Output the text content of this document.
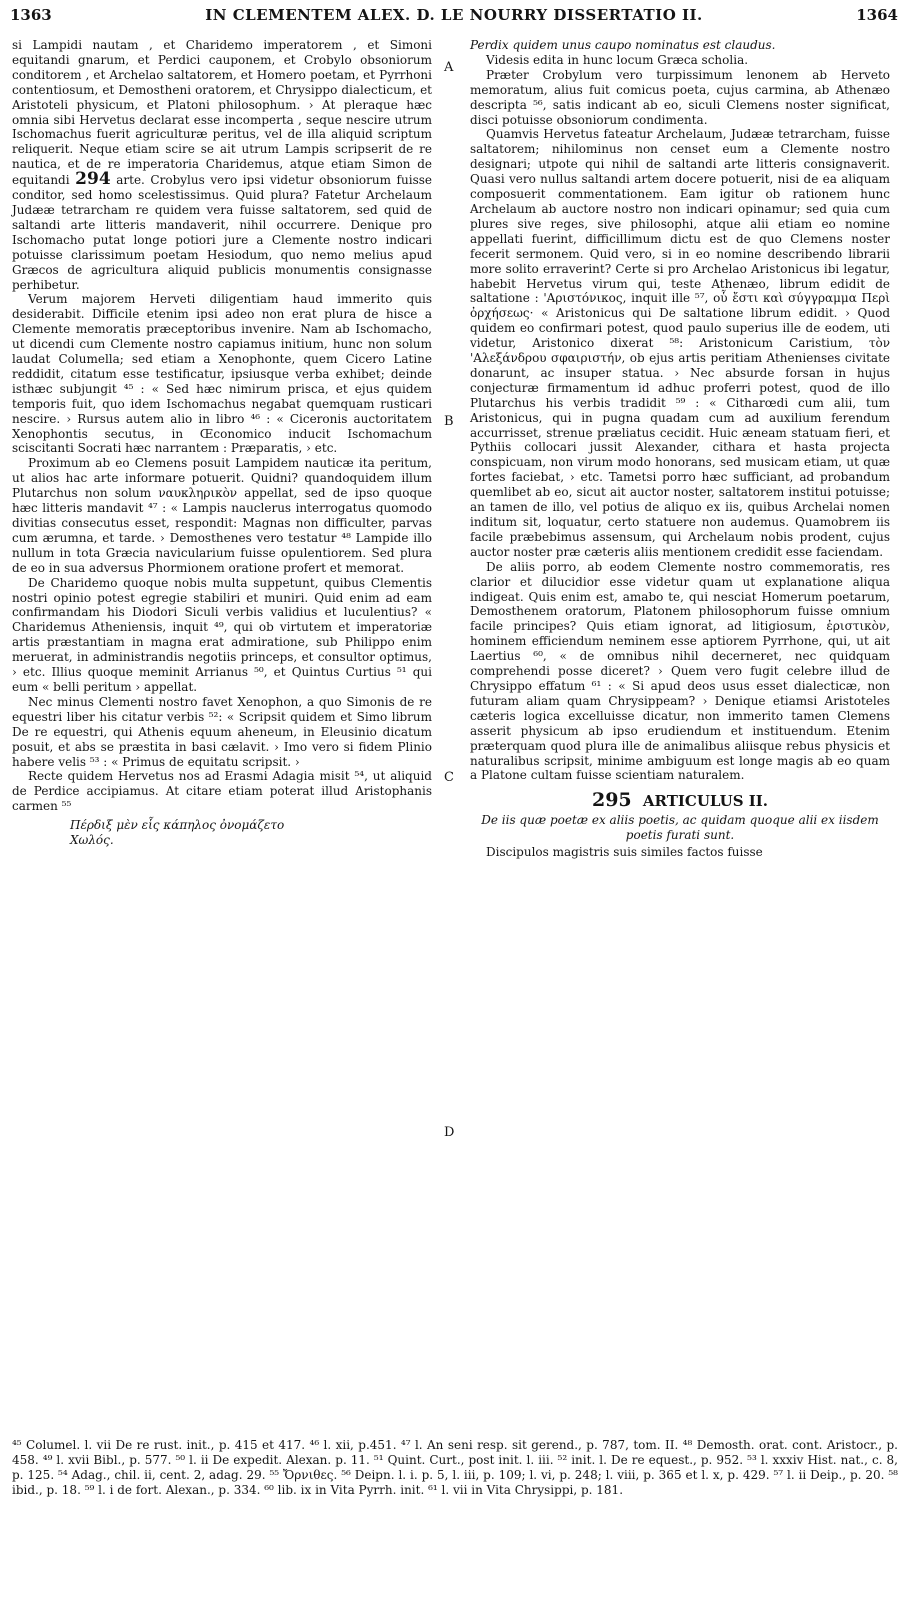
1363	IN CLEMENTEM ALEX. D. LE NOURRY DISSERTATIO II.	1364

si Lampidi nautam , et Charidemo imperatorem , et Simoni equitandi gnarum, et Perdici cauponem, et Crobylo obsoniorum conditorem , et Archelao saltatorem, et Homero poetam, et Pyrrhoni contentiosum, et Demostheni oratorem, et Chrysippo dialecticum, et Aristoteli physicum, et Platoni philosophum. › At pleraque hæc omnia sibi Hervetus declarat esse incomperta , seque nescire utrum Ischomachus fuerit agriculturæ peritus, vel de illa aliquid scriptum reliquerit. Neque etiam scire se ait utrum Lampis scripserit de re nautica, et de re imperatoria Charidemus, atque etiam Simon de equitandi 294 arte. Crobylus vero ipsi videtur obsoniorum fuisse conditor, sed homo scelestissimus. Quid plura? Fatetur Archelaum Judææ tetrarcham re quidem vera fuisse saltatorem, sed quid de saltandi arte litteris mandaverit, nihil occurrere. Denique pro Ischomacho putat longe potiori jure a Clemente nostro indicari potuisse clarissimum poetam Hesiodum, quo nemo melius apud Græcos de agricultura aliquid publicis monumentis consignasse perhibetur.

Verum majorem Herveti diligentiam haud immerito quis desiderabit. Difficile etenim ipsi adeo non erat plura de hisce a Clemente memoratis præceptoribus invenire. Nam ab Ischomacho, ut dicendi cum Clemente nostro capiamus initium, hunc non solum laudat Columella; sed etiam a Xenophonte, quem Cicero Latine reddidit, citatum esse testificatur, ipsiusque verba exhibet; deinde isthæc subjungit ⁴⁵ : « Sed hæc nimirum prisca, et ejus quidem temporis fuit, quo idem Ischomachus negabat quemquam rusticari nescire. › Rursus autem alio in libro ⁴⁶ : « Ciceronis auctoritatem Xenophontis secutus, in Œconomico inducit Ischomachum sciscitanti Socrati hæc narrantem : Præparatis, › etc.

Proximum ab eo Clemens posuit Lampidem nauticæ ita peritum, ut alios hac arte informare potuerit. Quidni? quandoquidem illum Plutarchus non solum ναυκληρικὸν appellat, sed de ipso quoque hæc litteris mandavit ⁴⁷ : « Lampis nauclerus interrogatus quomodo divitias consecutus esset, respondit: Magnas non difficulter, parvas cum ærumna, et tarde. › Demosthenes vero testatur ⁴⁸ Lampide illo nullum in tota Græcia navicularium fuisse opulentiorem. Sed plura de eo in sua adversus Phormionem oratione profert et memorat.

De Charidemo quoque nobis multa suppetunt, quibus Clementis nostri opinio potest egregie stabiliri et muniri. Quid enim ad eam confirmandam his Diodori Siculi verbis validius et luculentius? « Charidemus Atheniensis, inquit ⁴⁹, qui ob virtutem et imperatoriæ artis præstantiam in magna erat admiratione, sub Philippo enim meruerat, in administrandis negotiis princeps, et consultor optimus, › etc. Illius quoque meminit Arrianus ⁵⁰, et Quintus Curtius ⁵¹ qui eum « belli peritum › appellat.

Nec minus Clementi nostro favet Xenophon, a quo Simonis de re equestri liber his citatur verbis ⁵²: « Scripsit quidem et Simo librum De re equestri, qui Athenis equum aheneum, in Eleusinio dicatum posuit, et abs se præstita in basi cælavit. › Imo vero si fidem Plinio habere velis ⁵³ : « Primus de equitatu scripsit. ›

Recte quidem Hervetus nos ad Erasmi Adagia misit ⁵⁴, ut aliquid de Perdice accipiamus. At citare etiam poterat illud Aristophanis carmen ⁵⁵

Πέρδιξ μὲν εἷς κάπηλος ὀνομάζετο
Χωλός.
A
B
C
D

Perdix quidem unus caupo nominatus est claudus.

Videsis edita in hunc locum Græca scholia.

Præter Crobylum vero turpissimum lenonem ab Herveto memoratum, alius fuit comicus poeta, cujus carmina, ab Athenæo descripta ⁵⁶, satis indicant ab eo, siculi Clemens noster significat, disci potuisse obsoniorum condimenta.

Quamvis Hervetus fateatur Archelaum, Judææ tetrarcham, fuisse saltatorem; nihilominus non censet eum a Clemente nostro designari; utpote qui nihil de saltandi arte litteris consignaverit. Quasi vero nullus saltandi artem docere potuerit, nisi de ea aliquam composuerit commentationem. Eam igitur ob rationem hunc Archelaum ab auctore nostro non indicari opinamur; sed quia cum plures sive reges, sive philosophi, atque alii etiam eo nomine appellati fuerint, difficillimum dictu est de quo Clemens noster fecerit sermonem. Quid vero, si in eo nomine describendo librarii more solito erraverint? Certe si pro Archelao Aristonicus ibi legatur, habebit Hervetus virum qui, teste Athenæo, librum edidit de saltatione : 'Αριστόνικος, inquit ille ⁵⁷, οὗ ἔστι καὶ σύγγραμμα Περὶ ὀρχήσεως· « Aristonicus qui De saltatione librum edidit. › Quod quidem eo confirmari potest, quod paulo superius ille de eodem, uti videtur, Aristonico dixerat ⁵⁸: Aristonicum Caristium, τὸν 'Αλεξάνδρου σφαιριστήν, ob ejus artis peritiam Athenienses civitate donarunt, ac insuper statua. › Nec absurde forsan in hujus conjecturæ firmamentum id adhuc proferri potest, quod de illo Plutarchus his verbis tradidit ⁵⁹ : « Citharœdi cum alii, tum Aristonicus, qui in pugna quadam cum ad auxilium ferendum accurrisset, strenue præliatus cecidit. Huic æneam statuam fieri, et Pythiis collocari jussit Alexander, cithara et hasta projecta conspicuam, non virum modo honorans, sed musicam etiam, ut quæ fortes faciebat, › etc. Tametsi porro hæc sufficiant, ad probandum quemlibet ab eo, sicut ait auctor noster, saltatorem institui potuisse; an tamen de illo, vel potius de aliquo ex iis, quibus Archelai nomen inditum sit, loquatur, certo statuere non audemus. Quamobrem iis facile præbebimus assensum, qui Archelaum nobis prodent, cujus auctor noster præ cæteris aliis mentionem credidit esse faciendam.

De aliis porro, ab eodem Clemente nostro commemoratis, res clarior et dilucidior esse videtur quam ut explanatione aliqua indigeat. Quis enim est, amabo te, qui nesciat Homerum poetarum, Demosthenem oratorum, Platonem philosophorum fuisse omnium facile principes? Quis etiam ignorat, ad litigiosum, ἐριστικὸν, hominem efficiendum neminem esse aptiorem Pyrrhone, qui, ut ait Laertius ⁶⁰, « de omnibus nihil decerneret, nec quidquam comprehendi posse diceret? › Quem vero fugit celebre illud de Chrysippo effatum ⁶¹ : « Si apud deos usus esset dialecticæ, non futuram aliam quam Chrysippeam? › Denique etiamsi Aristoteles cæteris logica excelluisse dicatur, non immerito tamen Clemens asserit physicum ab ipso erudiendum et instituendum. Etenim præterquam quod plura ille de animalibus aliisque rebus physicis et naturalibus scripsit, minime ambiguum est longe magis ab eo quam a Platone cultam fuisse scientiam naturalem.

295 ARTICULUS II.
De iis quæ poetæ ex aliis poetis, ac quidam quoque alii ex iisdem poetis furati sunt.

Discipulos magistris suis similes factos fuisse

⁴⁵ Columel. l. vii De re rust. init., p. 415 et 417. ⁴⁶ l. xii, p.451. ⁴⁷ l. An seni resp. sit gerend., p. 787, tom. II. ⁴⁸ Demosth. orat. cont. Aristocr., p. 458. ⁴⁹ l. xvii Bibl., p. 577. ⁵⁰ l. ii De expedit. Alexan. p. 11. ⁵¹ Quint. Curt., post init. l. iii. ⁵² init. l. De re equest., p. 952. ⁵³ l. xxxiv Hist. nat., c. 8, p. 125. ⁵⁴ Adag., chil. ii, cent. 2, adag. 29. ⁵⁵ Ὄρνιθες. ⁵⁶ Deipn. l. i. p. 5, l. iii, p. 109; l. vi, p. 248; l. viii, p. 365 et l. x, p. 429. ⁵⁷ l. ii Deip., p. 20. ⁵⁸ ibid., p. 18. ⁵⁹ l. i de fort. Alexan., p. 334. ⁶⁰ lib. ix in Vita Pyrrh. init. ⁶¹ l. vii in Vita Chrysippi, p. 181.
